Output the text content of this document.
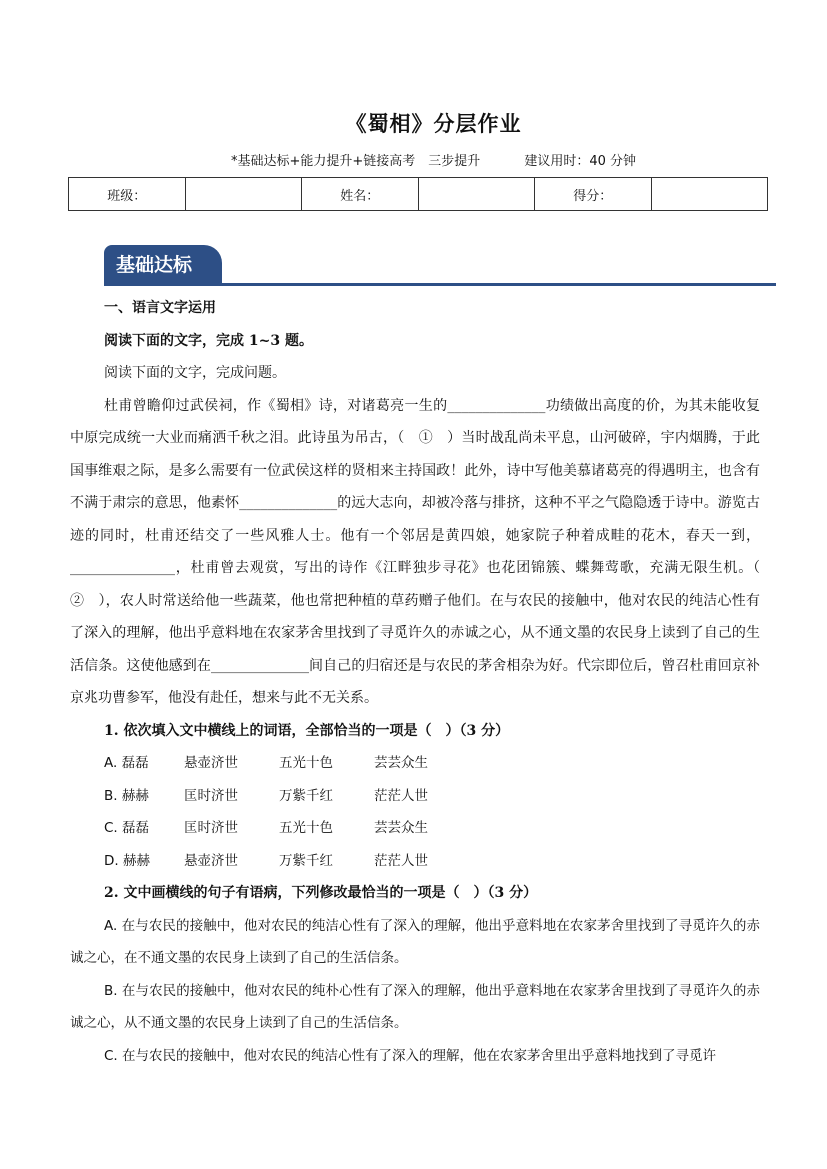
《蜀相》分层作业
*基础达标+能力提升+链接高考　三步提升	建议用时：40 分钟
班级：		姓名：		得分：	
基础达标

一、语言文字运用

阅读下面的文字，完成 1~3 题。

阅读下面的文字，完成问题。

杜甫曾瞻仰过武侯祠，作《蜀相》诗，对诸葛亮一生的______________功绩做出高度的价，为其未能收复中原完成统一大业而痛洒千秋之泪。此诗虽为吊古，（　①　）当时战乱尚未平息，山河破碎，宇内烟腾，于此国事维艰之际，是多么需要有一位武侯这样的贤相来主持国政！此外，诗中写他美慕诸葛亮的得遇明主，也含有不满于肃宗的意思，他素怀______________的远大志向，却被冷落与排挤，这种不平之气隐隐透于诗中。游览古迹的同时，杜甫还结交了一些风雅人士。他有一个邻居是黄四娘，她家院子种着成畦的花木，春天一到，_______________，杜甫曾去观赏，写出的诗作《江畔独步寻花》也花团锦簇、蝶舞莺歌，充满无限生机。（　②　），农人时常送给他一些蔬菜，他也常把种植的草药赠子他们。在与农民的接触中，他对农民的纯洁心性有了深入的理解，他出乎意料地在农家茅舍里找到了寻觅许久的赤诚之心，从不通文墨的农民身上读到了自己的生活信条。这使他感到在______________间自己的归宿还是与农民的茅舍相杂为好。代宗即位后，曾召杜甫回京补京兆功曹参军，他没有赴任，想来与此不无关系。

1. 依次填入文中横线上的词语，全部恰当的一项是（　）（3 分）

A. 磊磊	悬壶济世	五光十色	芸芸众生
B. 赫赫	匡时济世	万紫千红	茫茫人世
C. 磊磊	匡时济世	五光十色	芸芸众生
D. 赫赫	悬壶济世	万紫千红	茫茫人世

2. 文中画横线的句子有语病，下列修改最恰当的一项是（　）（3 分）

A. 在与农民的接触中，他对农民的纯洁心性有了深入的理解，他出乎意料地在农家茅舍里找到了寻觅许久的赤诚之心，在不通文墨的农民身上读到了自己的生活信条。

B. 在与农民的接触中，他对农民的纯朴心性有了深入的理解，他出乎意料地在农家茅舍里找到了寻觅许久的赤诚之心，从不通文墨的农民身上读到了自己的生活信条。

C. 在与农民的接触中，他对农民的纯洁心性有了深入的理解，他在农家茅舍里出乎意料地找到了寻觅许
